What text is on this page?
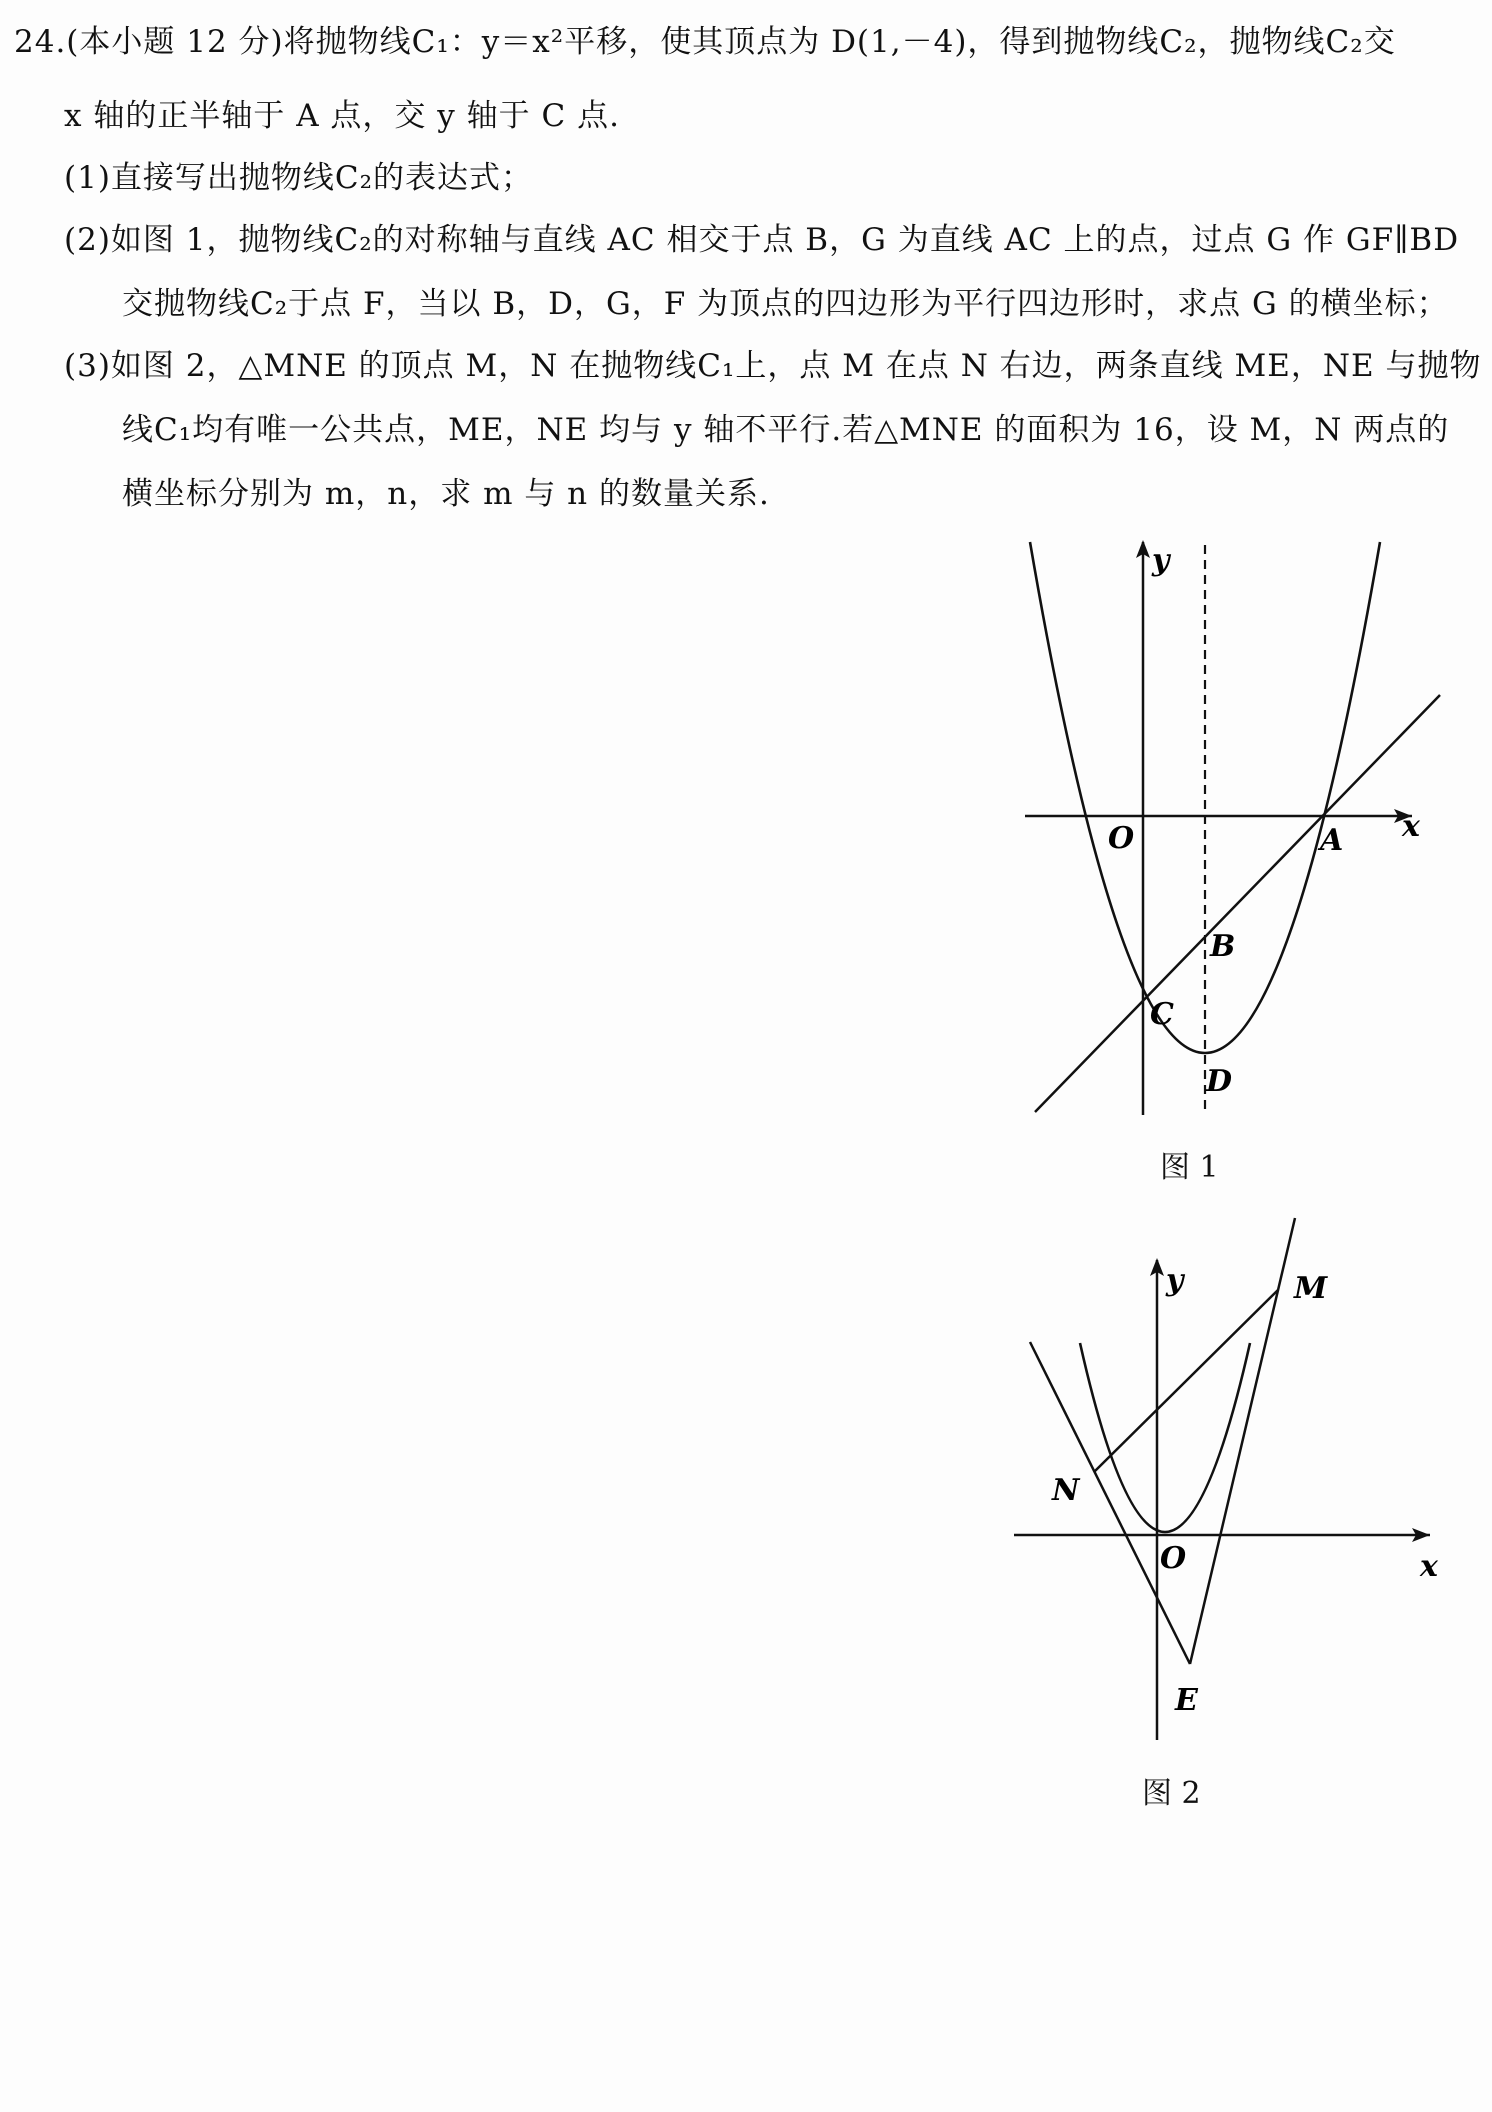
24.(本小题 12 分)将抛物线C₁：y＝x²平移，使其顶点为 D(1,－4)，得到抛物线C₂，抛物线C₂交
x 轴的正半轴于 A 点，交 y 轴于 C 点.
(1)直接写出抛物线C₂的表达式；
(2)如图 1，抛物线C₂的对称轴与直线 AC 相交于点 B，G 为直线 AC 上的点，过点 G 作 GF∥BD
交抛物线C₂于点 F，当以 B，D，G，F 为顶点的四边形为平行四边形时，求点 G 的横坐标；
(3)如图 2，△MNE 的顶点 M，N 在抛物线C₁上，点 M 在点 N 右边，两条直线 ME，NE 与抛物
线C₁均有唯一公共点，ME，NE 均与 y 轴不平行.若△MNE 的面积为 16，设 M，N 两点的
横坐标分别为 m，n，求 m 与 n 的数量关系.
y
x
O	A
B
C
D
图 1
y
x
O
M
N
E
图 2
